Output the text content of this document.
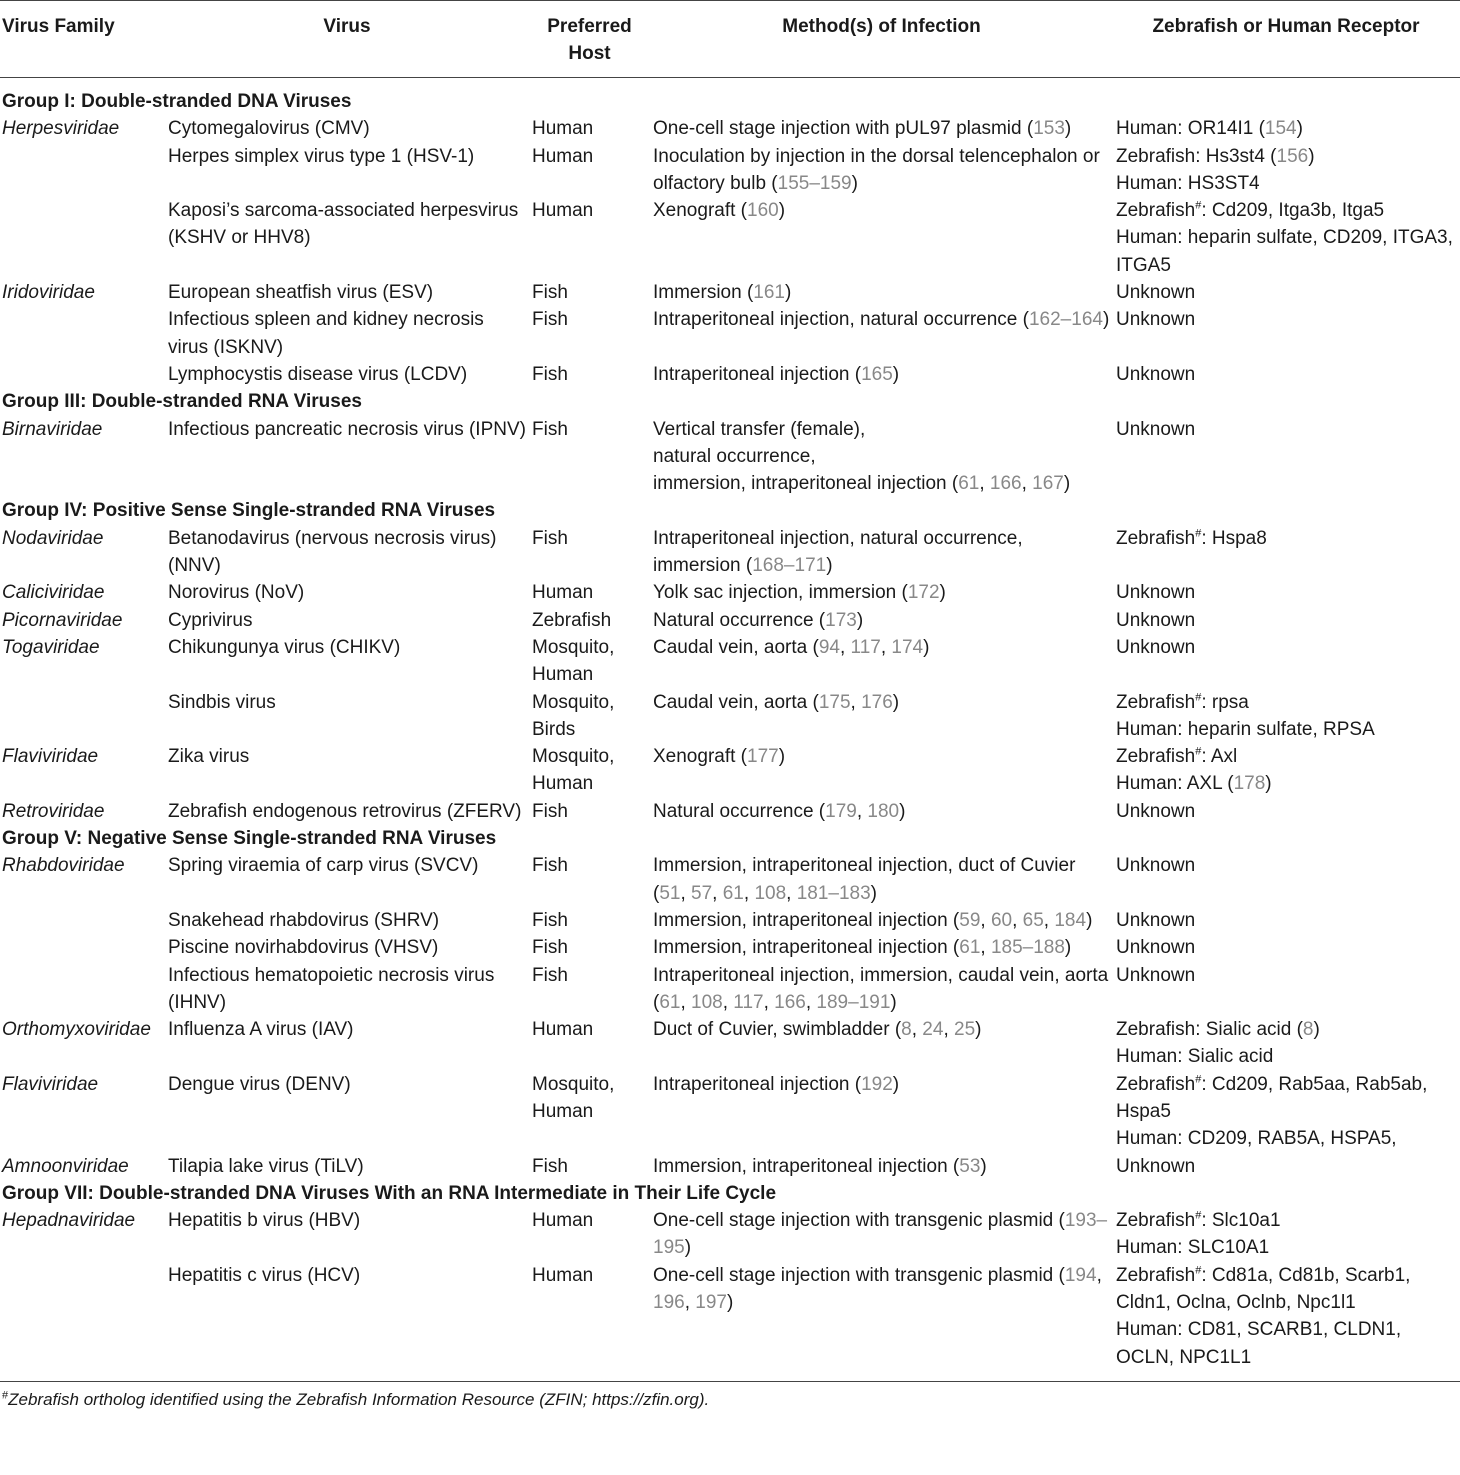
Virus Family	Virus	Preferred Host	Method(s) of Infection	Zebrafish or Human Receptor
Group I: Double-stranded DNA Viruses				
Herpesviridae	Cytomegalovirus (CMV)	Human	One-cell stage injection with pUL97 plasmid (153)	Human: OR14I1 (154)

	Herpes simplex virus type 1 (HSV-1)	Human	Inoculation by injection in the dorsal telencephalon or olfactory bulb (155–159)	Zebrafish: Hs3st4 (156)
Human: HS3ST4

	Kaposi’s sarcoma-associated herpesvirus (KSHV or HHV8)	Human	Xenograft (160)	Zebrafish#: Cd209, Itga3b, Itga5
Human: heparin sulfate, CD209, ITGA3, ITGA5

Iridoviridae	European sheatfish virus (ESV)	Fish	Immersion (161)	Unknown

	Infectious spleen and kidney necrosis virus (ISKNV)	Fish	Intraperitoneal injection, natural occurrence (162–164)	Unknown

	Lymphocystis disease virus (LCDV)	Fish	Intraperitoneal injection (165)	Unknown

Group III: Double-stranded RNA Viruses				
Birnaviridae	Infectious pancreatic necrosis virus (IPNV)	Fish	Vertical transfer (female),
natural occurrence,
immersion, intraperitoneal injection (61, 166, 167)	Unknown

Group IV: Positive Sense Single-stranded RNA Viruses				
Nodaviridae	Betanodavirus (nervous necrosis virus) (NNV)	Fish	Intraperitoneal injection, natural occurrence, immersion (168–171)	Zebrafish#: Hspa8

Caliciviridae	Norovirus (NoV)	Human	Yolk sac injection, immersion (172)	Unknown

Picornaviridae	Cyprivirus	Zebrafish	Natural occurrence (173)	Unknown

Togaviridae	Chikungunya virus (CHIKV)	Mosquito, Human	Caudal vein, aorta (94, 117, 174)	Unknown

	Sindbis virus	Mosquito, Birds	Caudal vein, aorta (175, 176)	Zebrafish#: rpsa
Human: heparin sulfate, RPSA

Flaviviridae	Zika virus	Mosquito, Human	Xenograft (177)	Zebrafish#: Axl
Human: AXL (178)

Retroviridae	Zebrafish endogenous retrovirus (ZFERV)	Fish	Natural occurrence (179, 180)	Unknown

Group V: Negative Sense Single-stranded RNA Viruses				
Rhabdoviridae	Spring viraemia of carp virus (SVCV)	Fish	Immersion, intraperitoneal injection, duct of Cuvier (51, 57, 61, 108, 181–183)	Unknown

	Snakehead rhabdovirus (SHRV)	Fish	Immersion, intraperitoneal injection (59, 60, 65, 184)	Unknown

	Piscine novirhabdovirus (VHSV)	Fish	Immersion, intraperitoneal injection (61, 185–188)	Unknown

	Infectious hematopoietic necrosis virus (IHNV)	Fish	Intraperitoneal injection, immersion, caudal vein, aorta (61, 108, 117, 166, 189–191)	Unknown

Orthomyxoviridae	Influenza A virus (IAV)	Human	Duct of Cuvier, swimbladder (8, 24, 25)	Zebrafish: Sialic acid (8)
Human: Sialic acid

Flaviviridae	Dengue virus (DENV)	Mosquito, Human	Intraperitoneal injection (192)	Zebrafish#: Cd209, Rab5aa, Rab5ab, Hspa5
Human: CD209, RAB5A, HSPA5,

Amnoonviridae	Tilapia lake virus (TiLV)	Fish	Immersion, intraperitoneal injection (53)	Unknown

Group VII: Double-stranded DNA Viruses With an RNA Intermediate in Their Life Cycle				
Hepadnaviridae	Hepatitis b virus (HBV)	Human	One-cell stage injection with transgenic plasmid (193–195)	Zebrafish#: Slc10a1
Human: SLC10A1

	Hepatitis c virus (HCV)	Human	One-cell stage injection with transgenic plasmid (194, 196, 197)	Zebrafish#: Cd81a, Cd81b, Scarb1, Cldn1, Oclna, Oclnb, Npc1l1
Human: CD81, SCARB1, CLDN1, OCLN, NPC1L1
#Zebrafish ortholog identified using the Zebrafish Information Resource (ZFIN; https://zfin.org).
